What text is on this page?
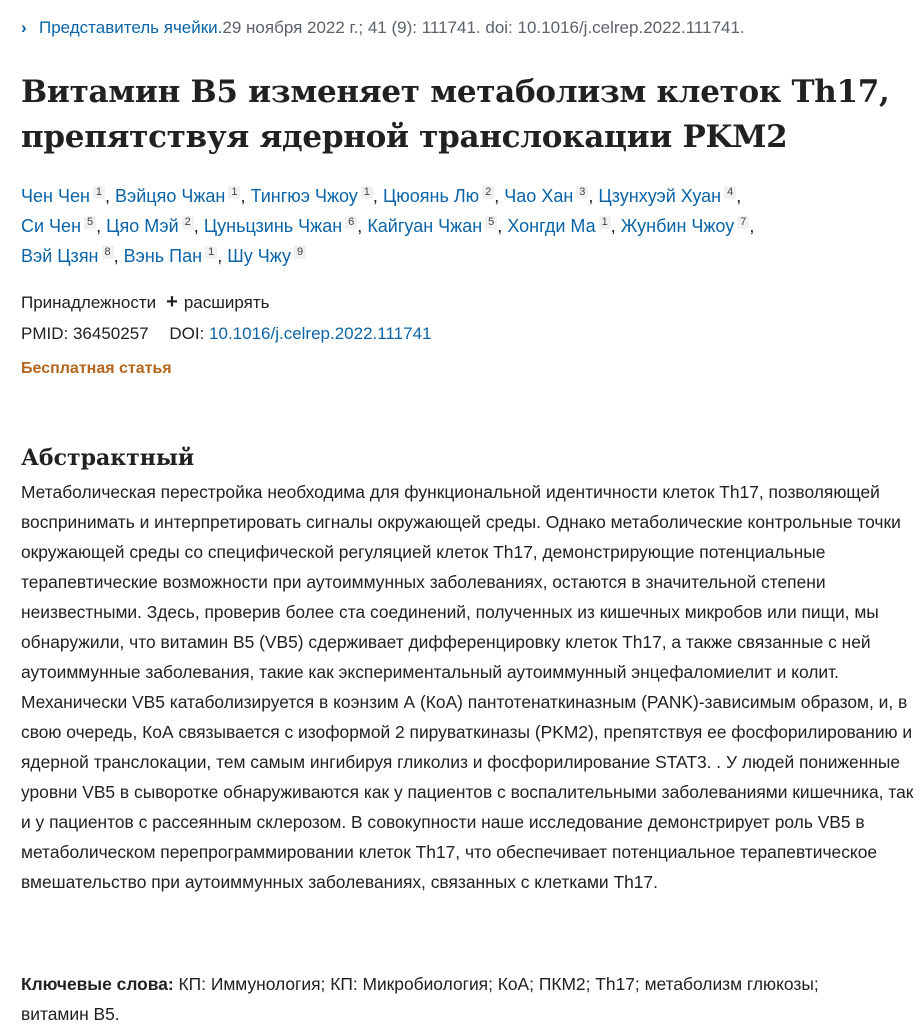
› Представитель ячейки.29 ноября 2022 г.; 41 (9): 111741. doi: 10.1016/j.celrep.2022.111741.
Витамин B5 изменяет метаболизм клеток Th17, препятствуя ядерной транслокации PKM2
Чен Чен 1 , Вэйцяо Чжан 1 , Тингюэ Чжоу 1 , Цюоянь Лю 2 , Чао Хан 3 , Цзунхуэй Хуан 4 ,
Си Чен 5 , Цяо Мэй 2 , Цуньцзинь Чжан 6 , Кайгуан Чжан 5 , Хонгди Ма 1 , Жунбин Чжоу 7 ,
Вэй Цзян 8 , Вэнь Пан 1 , Шу Чжу 9
Принадлежности + расширять
PMID: 36450257 DOI: 10.1016/j.celrep.2022.111741
Бесплатная статья
Абстрактный

Метаболическая перестройка необходима для функциональной идентичности клеток Th17, позволяющей воспринимать и интерпретировать сигналы окружающей среды. Однако метаболические контрольные точки окружающей среды со специфической регуляцией клеток Th17, демонстрирующие потенциальные терапевтические возможности при аутоиммунных заболеваниях, остаются в значительной степени неизвестными. Здесь, проверив более ста соединений, полученных из кишечных микробов или пищи, мы обнаружили, что витамин B5 (VB5) сдерживает дифференцировку клеток Th17, а также связанные с ней аутоиммунные заболевания, такие как экспериментальный аутоиммунный энцефаломиелит и колит. Механически VB5 катаболизируется в коэнзим А (КоА) пантотенаткиназным (PANK)-зависимым образом, и, в свою очередь, КоА связывается с изоформой 2 пируваткиназы (PKM2), препятствуя ее фосфорилированию и ядерной транслокации, тем самым ингибируя гликолиз и фосфорилирование STAT3. . У людей пониженные уровни VB5 в сыворотке обнаруживаются как у пациентов с воспалительными заболеваниями кишечника, так и у пациентов с рассеянным склерозом. В совокупности наше исследование демонстрирует роль VB5 в метаболическом перепрограммировании клеток Th17, что обеспечивает потенциальное терапевтическое вмешательство при аутоиммунных заболеваниях, связанных с клетками Th17.

Ключевые слова: КП: Иммунология; КП: Микробиология; КоА; ПКМ2; Th17; метаболизм глюкозы; витамин B5.
